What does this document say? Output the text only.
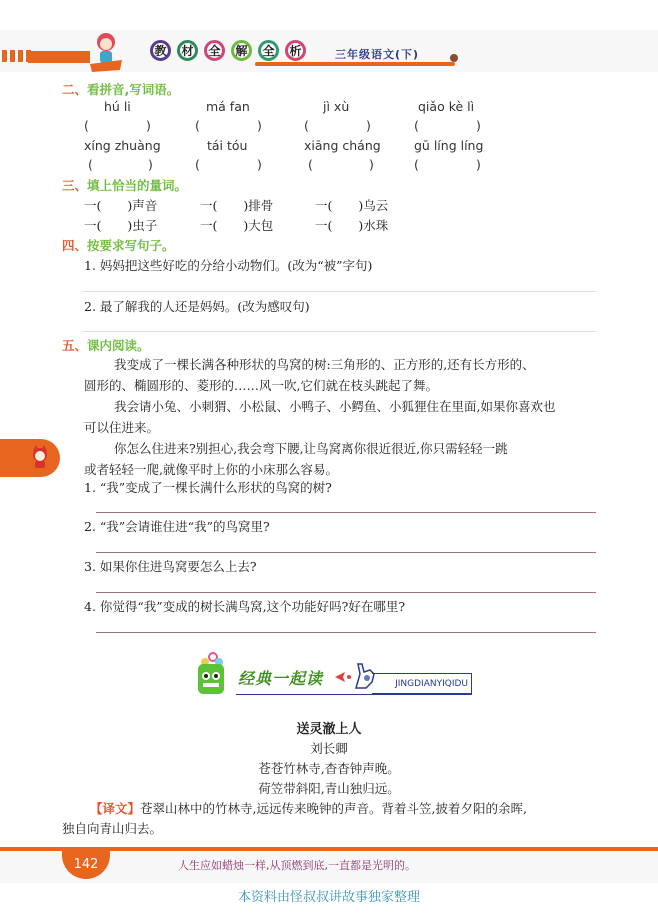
教	材	全	解	全	析	三年级语文(下)
二、看拼音,写词语。
hú li	má fan	jì xù	qiǎo kè lì
(	)	(	)	(	)	(	)
xíng zhuàng	tái tóu	xiāng cháng	gū líng líng
(	)	(	)	(	)	(	)
三、填上恰当的量词。
一( )声音	一( )排骨	一( )乌云
一( )虫子	一( )大包	一( )水珠
四、按要求写句子。
1. 妈妈把这些好吃的分给小动物们。(改为“被”字句)
2. 最了解我的人还是妈妈。(改为感叹句)
五、课内阅读。
我变成了一棵长满各种形状的鸟窝的树:三角形的、正方形的,还有长方形的、
圆形的、椭圆形的、菱形的……风一吹,它们就在枝头跳起了舞。
我会请小兔、小刺猬、小松鼠、小鸭子、小鳄鱼、小狐狸住在里面,如果你喜欢也
可以住进来。
你怎么住进来?别担心,我会弯下腰,让鸟窝离你很近很近,你只需轻轻一跳
或者轻轻一爬,就像平时上你的小床那么容易。
1. “我”变成了一棵长满什么形状的鸟窝的树?
2. “我”会请谁住进“我”的鸟窝里?
3. 如果你住进鸟窝要怎么上去?
4. 你觉得“我”变成的树长满鸟窝,这个功能好吗?好在哪里?
经典一起读	JINGDIANYIQIDU
送灵澈上人
刘长卿
苍苍竹林寺,杳杳钟声晚。
荷笠带斜阳,青山独归远。
【译文】苍翠山林中的竹林寺,远远传来晚钟的声音。背着斗笠,披着夕阳的余晖,
独自向青山归去。
142	人生应如蜡烛一样,从顶燃到底,一直都是光明的。
本资料由怪叔叔讲故事独家整理
